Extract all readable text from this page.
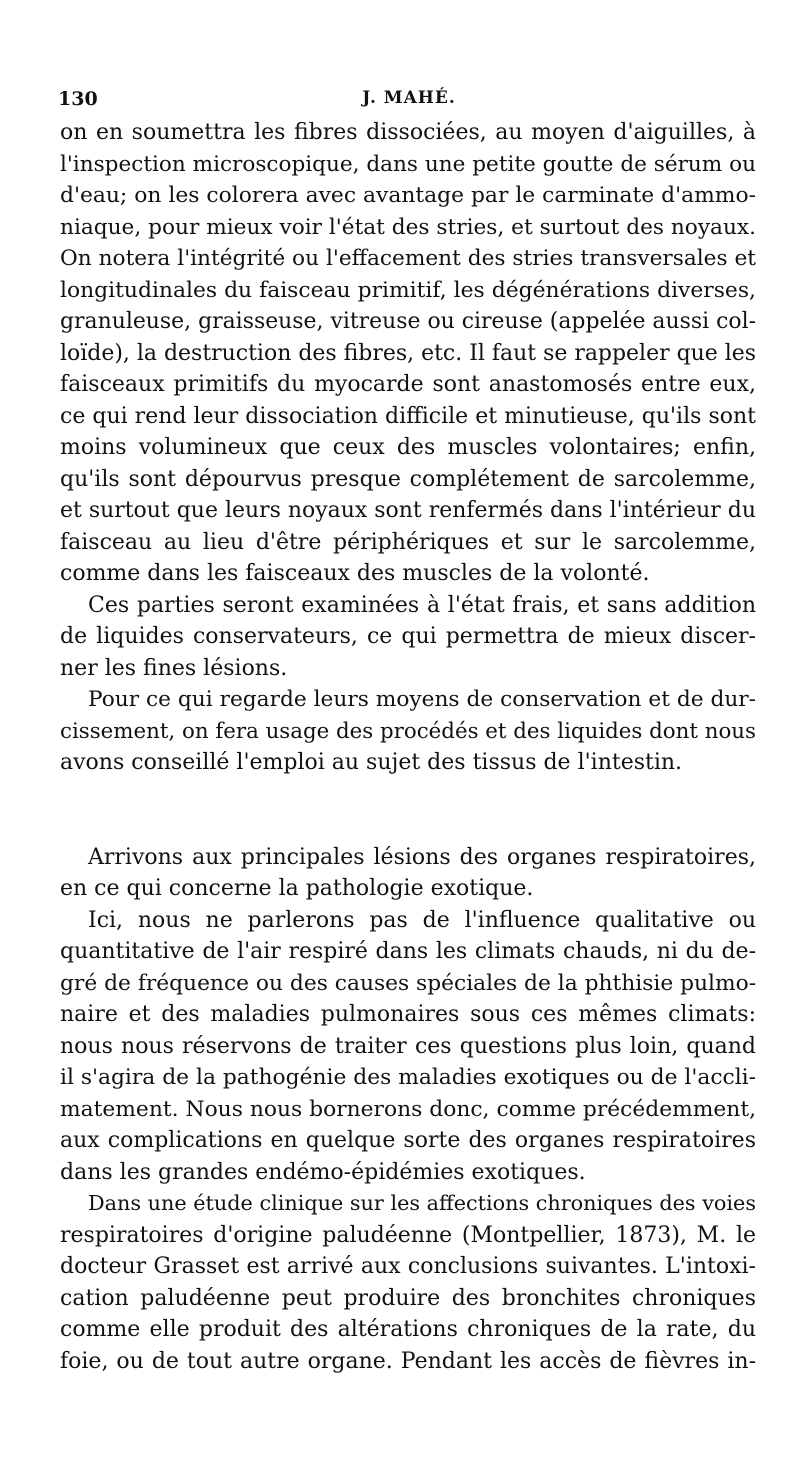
130	J. MAHÉ.
on en soumettra les fibres dissociées, au moyen d'aiguilles, à
l'inspection microscopique, dans une petite goutte de sérum ou
d'eau; on les colorera avec avantage par le carminate d'ammo-
niaque, pour mieux voir l'état des stries, et surtout des noyaux.
On notera l'intégrité ou l'effacement des stries transversales et
longitudinales du faisceau primitif, les dégénérations diverses,
granuleuse, graisseuse, vitreuse ou cireuse (appelée aussi col-
loïde), la destruction des fibres, etc. Il faut se rappeler que les
faisceaux primitifs du myocarde sont anastomosés entre eux,
ce qui rend leur dissociation difficile et minutieuse, qu'ils sont
moins volumineux que ceux des muscles volontaires; enfin,
qu'ils sont dépourvus presque complétement de sarcolemme,
et surtout que leurs noyaux sont renfermés dans l'intérieur du
faisceau au lieu d'être périphériques et sur le sarcolemme,
comme dans les faisceaux des muscles de la volonté.
Ces parties seront examinées à l'état frais, et sans addition
de liquides conservateurs, ce qui permettra de mieux discer-
ner les fines lésions.
Pour ce qui regarde leurs moyens de conservation et de dur-
cissement, on fera usage des procédés et des liquides dont nous
avons conseillé l'emploi au sujet des tissus de l'intestin.
Arrivons aux principales lésions des organes respiratoires,
en ce qui concerne la pathologie exotique.
Ici, nous ne parlerons pas de l'influence qualitative ou
quantitative de l'air respiré dans les climats chauds, ni du de-
gré de fréquence ou des causes spéciales de la phthisie pulmo-
naire et des maladies pulmonaires sous ces mêmes climats:
nous nous réservons de traiter ces questions plus loin, quand
il s'agira de la pathogénie des maladies exotiques ou de l'accli-
matement. Nous nous bornerons donc, comme précédemment,
aux complications en quelque sorte des organes respiratoires
dans les grandes endémo-épidémies exotiques.
Dans une étude clinique sur les affections chroniques des voies
respiratoires d'origine paludéenne (Montpellier, 1873), M. le
docteur Grasset est arrivé aux conclusions suivantes. L'intoxi-
cation paludéenne peut produire des bronchites chroniques
comme elle produit des altérations chroniques de la rate, du
foie, ou de tout autre organe. Pendant les accès de fièvres in-
